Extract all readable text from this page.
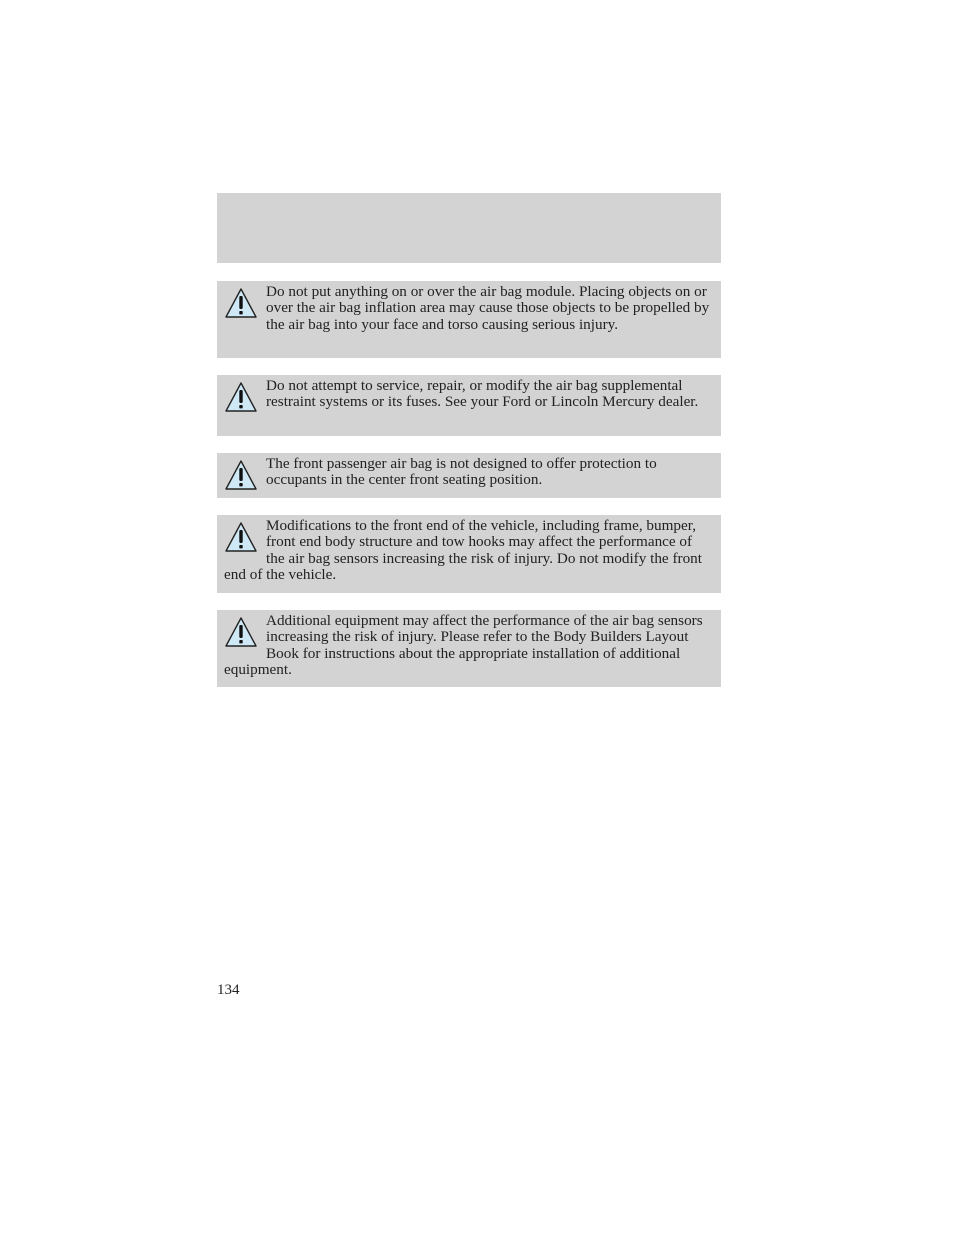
Do not put anything on or over the air bag module. Placing objects on or over the air bag inflation area may cause those objects to be propelled by the air bag into your face and torso causing serious injury.

Do not attempt to service, repair, or modify the air bag supplemental restraint systems or its fuses. See your Ford or Lincoln Mercury dealer.

The front passenger air bag is not designed to offer protection to occupants in the center front seating position.

Modifications to the front end of the vehicle, including frame, bumper, front end body structure and tow hooks may affect the performance of the air bag sensors increasing the risk of injury. Do not modify the front end of the vehicle.

Additional equipment may affect the performance of the air bag sensors increasing the risk of injury. Please refer to the Body Builders Layout Book for instructions about the appropriate installation of additional equipment.

134
